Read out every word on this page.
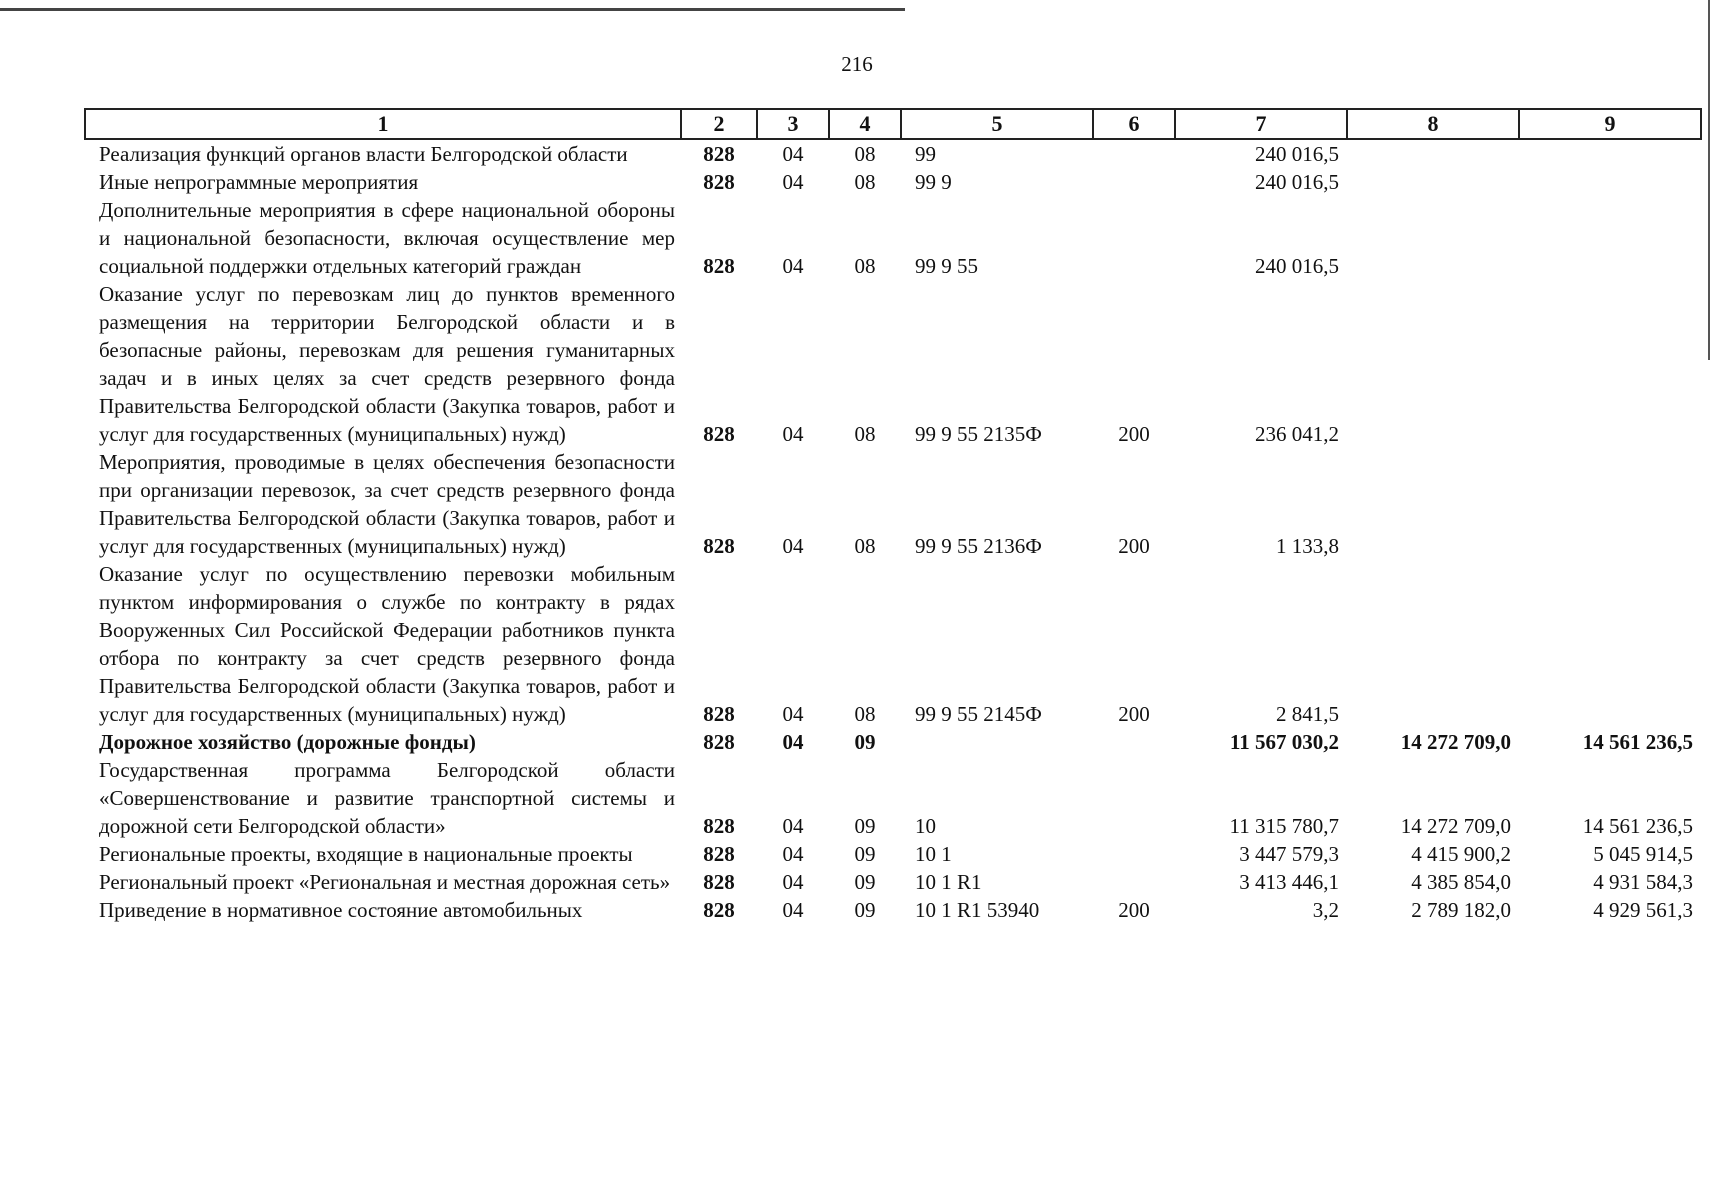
216
1	2	3	4	5	6	7	8	9
Реализация функций органов власти Белгородской области	828	04	08	99		240 016,5		
Иные непрограммные мероприятия	828	04	08	99 9		240 016,5		
Дополнительные мероприятия в сфере национальной обороны и национальной безопасности, включая осуществление мер социальной поддержки отдельных категорий граждан	828	04	08	99 9 55		240 016,5		
Оказание услуг по перевозкам лиц до пунктов временного размещения на территории Белгородской области и в безопасные районы, перевозкам для решения гуманитарных задач и в иных целях за счет средств резервного фонда Правительства Белгородской области (Закупка товаров, работ и услуг для государственных (муниципальных) нужд)	828	04	08	99 9 55 2135Ф	200	236 041,2		
Мероприятия, проводимые в целях обеспечения безопасности при организации перевозок, за счет средств резервного фонда Правительства Белгородской области (Закупка товаров, работ и услуг для государственных (муниципальных) нужд)	828	04	08	99 9 55 2136Ф	200	1 133,8		
Оказание услуг по осуществлению перевозки мобильным пунктом информирования о службе по контракту в рядах Вооруженных Сил Российской Федерации работников пункта отбора по контракту за счет средств резервного фонда Правительства Белгородской области (Закупка товаров, работ и услуг для государственных (муниципальных) нужд)	828	04	08	99 9 55 2145Ф	200	2 841,5		
Дорожное хозяйство (дорожные фонды)	828	04	09			11 567 030,2	14 272 709,0	14 561 236,5
Государственная программа Белгородской области «Совершенствование и развитие транспортной системы и дорожной сети Белгородской области»	828	04	09	10		11 315 780,7	14 272 709,0	14 561 236,5
Региональные проекты, входящие в национальные проекты	828	04	09	10 1		3 447 579,3	4 415 900,2	5 045 914,5
Региональный проект «Региональная и местная дорожная сеть»	828	04	09	10 1 R1		3 413 446,1	4 385 854,0	4 931 584,3
Приведение в нормативное состояние автомобильных	828	04	09	10 1 R1 53940	200	3,2	2 789 182,0	4 929 561,3
